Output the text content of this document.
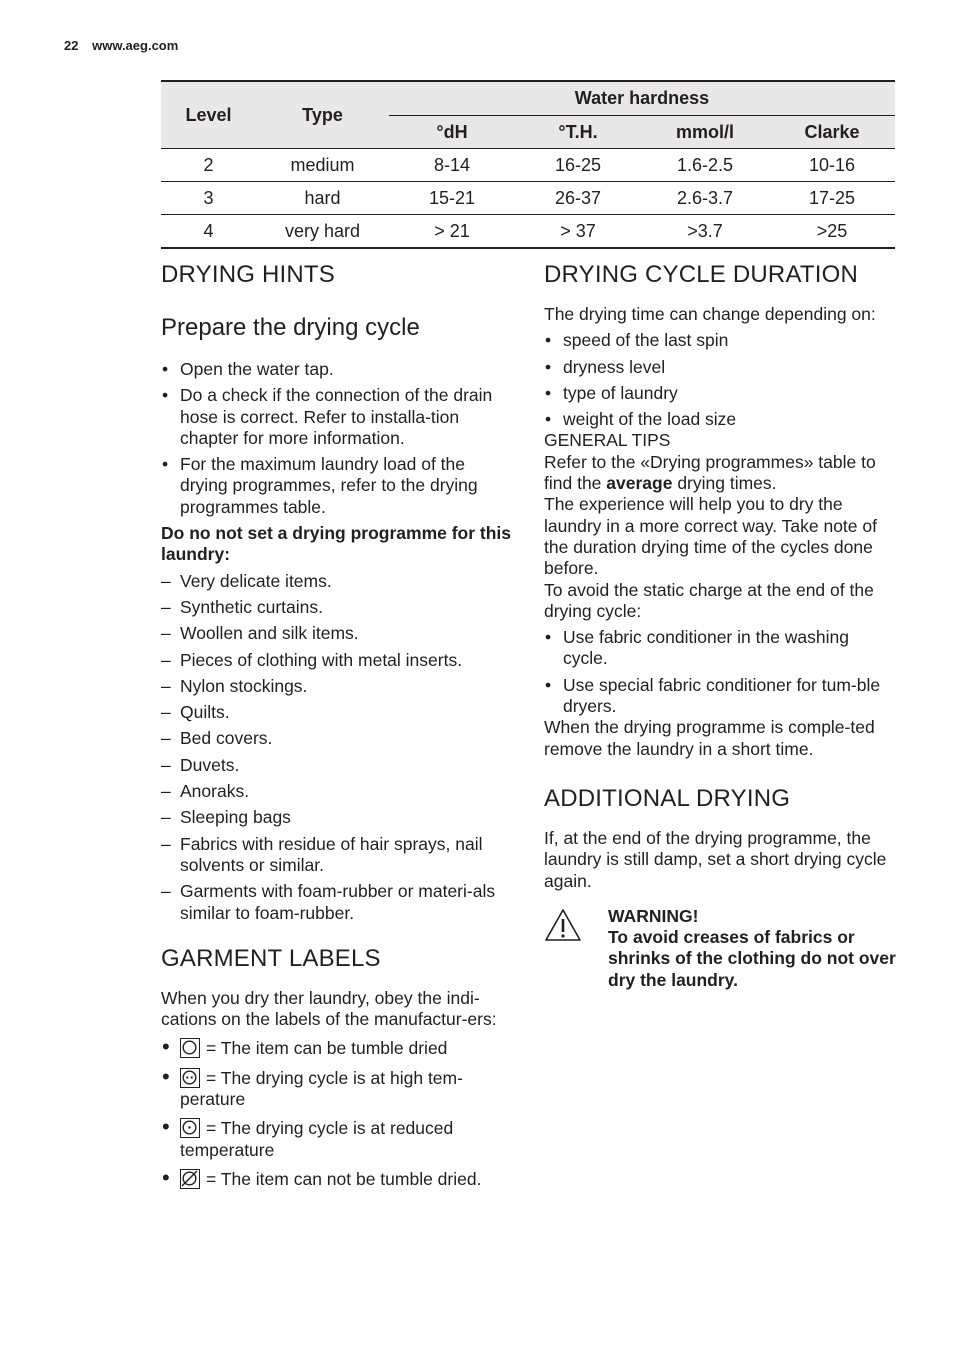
22 www.aeg.com
Level	Type	Water hardness			
		°dH	°T.H.	mmol/l	Clarke
2	medium	8-14	16-25	1.6-2.5	10-16
3	hard	15-21	26-37	2.6-3.7	17-25
4	very hard	> 21	> 37	>3.7	>25
DRYING HINTS
Prepare the drying cycle
• Open the water tap.
• Do a check if the connection of the drain hose is correct. Refer to installa-tion chapter for more information.
• For the maximum laundry load of the drying programmes, refer to the drying programmes table.

Do no not set a drying programme for this laundry:

– Very delicate items.
– Synthetic curtains.
– Woollen and silk items.
– Pieces of clothing with metal inserts.
– Nylon stockings.
– Quilts.
– Bed covers.
– Duvets.
– Anoraks.
– Sleeping bags
– Fabrics with residue of hair sprays, nail solvents or similar.
– Garments with foam-rubber or materi-als similar to foam-rubber.
GARMENT LABELS

When you dry ther laundry, obey the indi-cations on the labels of the manufactur-ers:

• = The item can be tumble dried
• = The drying cycle is at high tem-perature
• = The drying cycle is at reduced temperature
• = The item can not be tumble dried.
DRYING CYCLE DURATION

The drying time can change depending on:

• speed of the last spin
• dryness level
• type of laundry
• weight of the load size

GENERAL TIPS

Refer to the «Drying programmes» table to find the average drying times.

The experience will help you to dry the laundry in a more correct way. Take note of the duration drying time of the cycles done before.

To avoid the static charge at the end of the drying cycle:

• Use fabric conditioner in the washing cycle.
• Use special fabric conditioner for tum-ble dryers.

When the drying programme is comple-ted remove the laundry in a short time.

ADDITIONAL DRYING

If, at the end of the drying programme, the laundry is still damp, set a short drying cycle again.

WARNING!

To avoid creases of fabrics or shrinks of the clothing do not over dry the laundry.
